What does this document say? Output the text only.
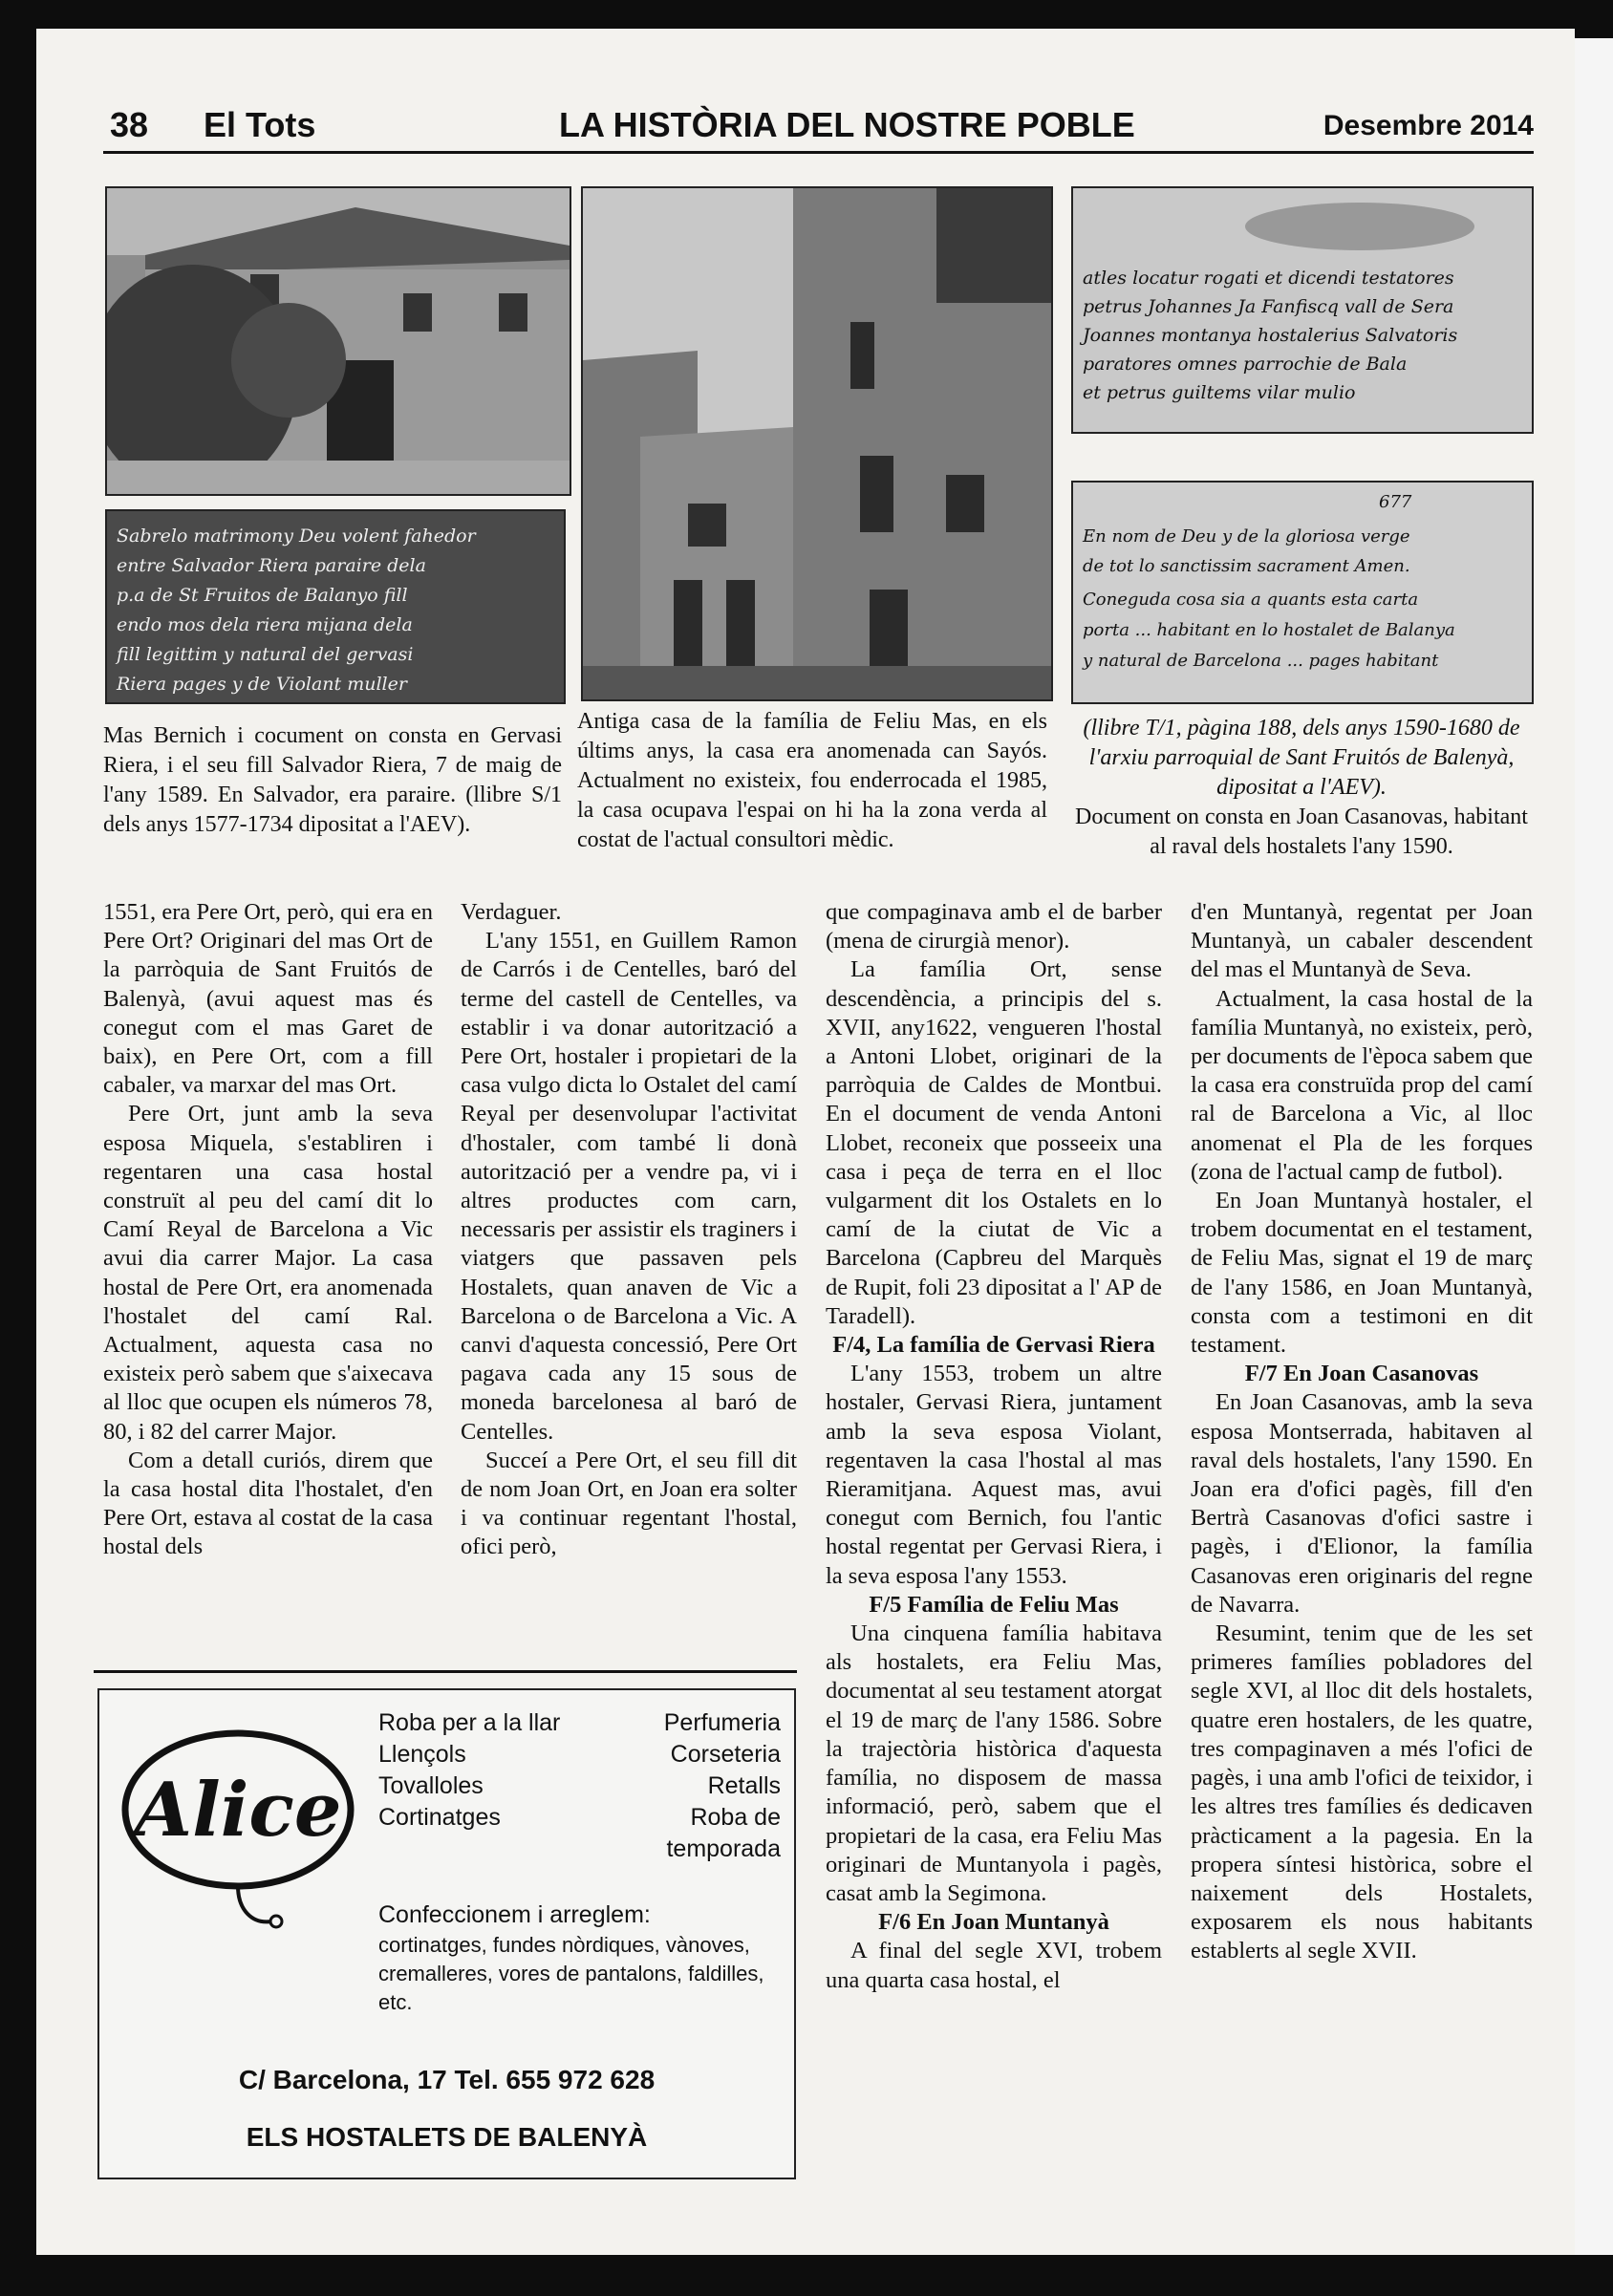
38 El Tots	LA HISTÒRIA DEL NOSTRE POBLE	Desembre 2014
Sabrelo matrimony Deu volent fahedor
entre Salvador Riera paraire dela
p.a de St Fruitos de Balanyo fill
endo mos dela riera mijana dela
fill legittim y natural del gervasi
Riera pages y de Violant muller
atles locatur rogati et dicendi testatores
petrus Johannes Ja Fanfiscq vall de Sera
Joannes montanya hostalerius Salvatoris
paratores omnes parrochie de Bala
et petrus guiltems vilar mulio
677
En nom de Deu y de la gloriosa verge
de tot lo sanctissim sacrament Amen.
Coneguda cosa sia a quants esta carta
porta ... habitant en lo hostalet de Balanya
y natural de Barcelona ... pages habitant
Mas Bernich i cocument on consta en Gervasi Riera, i el seu fill Salvador Riera, 7 de maig de l'any 1589. En Salvador, era paraire. (llibre S/1 dels anys 1577-1734 dipositat a l'AEV).
Antiga casa de la família de Feliu Mas, en els últims anys, la casa era anomenada can Sayós. Actualment no existeix, fou enderrocada el 1985, la casa ocupava l'espai on hi ha la zona verda al costat de l'actual consultori mèdic.
(llibre T/1, pàgina 188, dels anys 1590-1680 de l'arxiu parroquial de Sant Fruitós de Balenyà, dipositat a l'AEV).
Document on consta en Joan Casanovas, habitant al raval dels hostalets l'any 1590.

1551, era Pere Ort, però, qui era en Pere Ort? Originari del mas Ort de la parròquia de Sant Fruitós de Balenyà, (avui aquest mas és conegut com el mas Garet de baix), en Pere Ort, com a fill cabaler, va marxar del mas Ort.

Pere Ort, junt amb la seva esposa Miquela, s'establiren i regentaren una casa hostal construït al peu del camí dit lo Camí Reyal de Barcelona a Vic avui dia carrer Major. La casa hostal de Pere Ort, era anomenada l'hostalet del camí Ral. Actualment, aquesta casa no existeix però sabem que s'aixecava al lloc que ocupen els números 78, 80, i 82 del carrer Major.

Com a detall curiós, direm que la casa hostal dita l'hostalet, d'en Pere Ort, estava al costat de la casa hostal dels

Verdaguer.

L'any 1551, en Guillem Ramon de Carrós i de Centelles, baró del terme del castell de Centelles, va establir i va donar autorització a Pere Ort, hostaler i propietari de la casa vulgo dicta lo Ostalet del camí Reyal per desenvolupar l'activitat d'hostaler, com també li donà autorització per a vendre pa, vi i altres productes com carn, necessaris per assistir els traginers i viatgers que passaven pels Hostalets, quan anaven de Vic a Barcelona o de Barcelona a Vic. A canvi d'aquesta concessió, Pere Ort pagava cada any 15 sous de moneda barcelonesa al baró de Centelles.

Succeí a Pere Ort, el seu fill dit de nom Joan Ort, en Joan era solter i va continuar regentant l'hostal, ofici però,

que compaginava amb el de barber (mena de cirurgià menor).

La família Ort, sense descendència, a principis del s. XVII, any1622, vengueren l'hostal a Antoni Llobet, originari de la parròquia de Caldes de Montbui. En el document de venda Antoni Llobet, reconeix que posseeix una casa i peça de terra en el lloc vulgarment dit los Ostalets en lo camí de la ciutat de Vic a Barcelona (Capbreu del Marquès de Rupit, foli 23 dipositat a l' AP de Taradell).

F/4, La família de Gervasi Riera

L'any 1553, trobem un altre hostaler, Gervasi Riera, juntament amb la seva esposa Violant, regentaven la casa l'hostal al mas Rieramitjana. Aquest mas, avui conegut com Bernich, fou l'antic hostal regentat per Gervasi Riera, i la seva esposa l'any 1553.

F/5 Família de Feliu Mas

Una cinquena família habitava als hostalets, era Feliu Mas, documentat al seu testament atorgat el 19 de març de l'any 1586. Sobre la trajectòria històrica d'aquesta família, no disposem de massa informació, però, sabem que el propietari de la casa, era Feliu Mas originari de Muntanyola i pagès, casat amb la Segimona.

F/6 En Joan Muntanyà

A final del segle XVI, trobem una quarta casa hostal, el

d'en Muntanyà, regentat per Joan Muntanyà, un cabaler descendent del mas el Muntanyà de Seva.

Actualment, la casa hostal de la família Muntanyà, no existeix, però, per documents de l'època sabem que la casa era construïda prop del camí ral de Barcelona a Vic, al lloc anomenat el Pla de les forques (zona de l'actual camp de futbol).

En Joan Muntanyà hostaler, el trobem documentat en el testament, de Feliu Mas, signat el 19 de març de l'any 1586, en Joan Muntanyà, consta com a testimoni en dit testament.

F/7 En Joan Casanovas

En Joan Casanovas, amb la seva esposa Montserrada, habitaven al raval dels hostalets, l'any 1590. En Joan era d'ofici pagès, fill d'en Bertrà Casanovas d'ofici sastre i pagès, i d'Elionor, la família Casanovas eren originaris del regne de Navarra.

Resumint, tenim que de les set primeres famílies pobladores del segle XVI, al lloc dit dels hostalets, quatre eren hostalers, de les quatre, tres compaginaven a més l'ofici de pagès, i una amb l'ofici de teixidor, i les altres tres famílies és dedicaven pràcticament a la pagesia. En la propera síntesi històrica, sobre el naixement dels Hostalets, exposarem els nous habitants establerts al segle XVII.

Alice
Roba per a la llar
Llençols
Tovalloles
Cortinatges
Perfumeria
Corseteria
Retalls
Roba de
temporada
Confeccionem i arreglem:
cortinatges, fundes nòrdiques, vànoves, cremalleres, vores de pantalons, faldilles, etc.
C/ Barcelona, 17 Tel. 655 972 628
ELS HOSTALETS DE BALENYÀ
